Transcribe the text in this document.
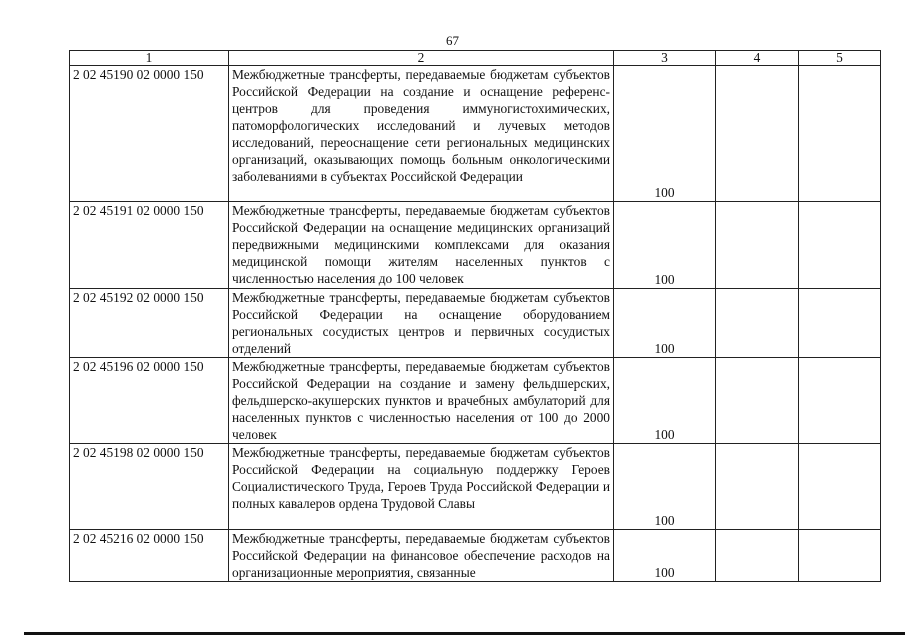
67
1	2	3	4	5
2 02 45190 02 0000 150	Межбюджетные трансферты, передаваемые бюджетам субъектов Российской Федерации на создание и оснащение референс-центров для проведения иммуногистохимических, патоморфологических исследований и лучевых методов исследований, переоснащение сети региональных медицинских организаций, оказывающих помощь больным онкологическими заболеваниями в субъектах Российской Федерации	100		
2 02 45191 02 0000 150	Межбюджетные трансферты, передаваемые бюджетам субъектов Российской Федерации на оснащение медицинских организаций передвижными медицинскими комплексами для оказания медицинской помощи жителям населенных пунктов с численностью населения до 100 человек	100		
2 02 45192 02 0000 150	Межбюджетные трансферты, передаваемые бюджетам субъектов Российской Федерации на оснащение оборудованием региональных сосудистых центров и первичных сосудистых отделений	100		
2 02 45196 02 0000 150	Межбюджетные трансферты, передаваемые бюджетам субъектов Российской Федерации на создание и замену фельдшерских, фельдшерско-акушерских пунктов и врачебных амбулаторий для населенных пунктов с численностью населения от 100 до 2000 человек	100		
2 02 45198 02 0000 150	Межбюджетные трансферты, передаваемые бюджетам субъектов Российской Федерации на социальную поддержку Героев Социалистического Труда, Героев Труда Российской Федерации и полных кавалеров ордена Трудовой Славы	100		
2 02 45216 02 0000 150	Межбюджетные трансферты, передаваемые бюджетам субъектов Российской Федерации на финансовое обеспечение расходов на организационные мероприятия, связанные	100		
